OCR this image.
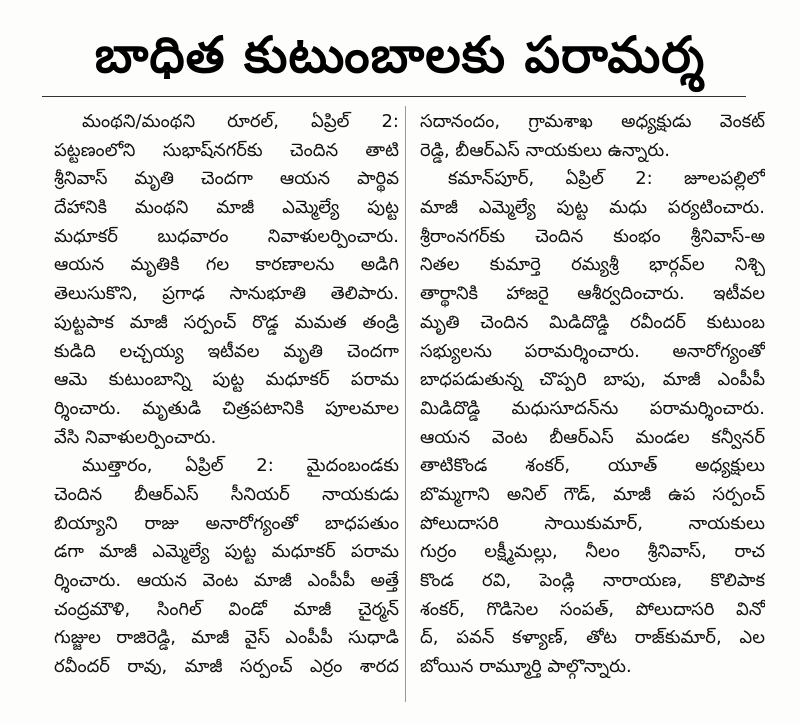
బాధిత కుటుంబాలకు పరామర్శ
మంథని/మంథని రూరల్, ఏప్రిల్ 2:
పట్టణంలోని సుభాష్‌నగర్‌కు చెందిన తాటి
శ్రీనివాస్ మృతి చెందగా ఆయన పార్థివ
దేహానికి మంథని మాజీ ఎమ్మెల్యే పుట్ట
మధూకర్ బుధవారం నివాళులర్పించారు.
ఆయన మృతికి గల కారణాలను అడిగి
తెలుసుకొని, ప్రగాఢ సానుభూతి తెలిపారు.
పుట్టపాక మాజీ సర్పంచ్ రొడ్డ మమత తండ్రి
కుడిది లచ్చయ్య ఇటీవల మృతి చెందగా
ఆమె కుటుంబాన్ని పుట్ట మధూకర్ పరామ
ర్శించారు. మృతుడి చిత్రపటానికి పూలమాల
వేసి నివాళులర్పించారు.
ముత్తారం, ఏప్రిల్ 2: మైదంబండకు
చెందిన బీఆర్ఎస్ సీనియర్ నాయకుడు
బియ్యాని రాజు అనారోగ్యంతో బాధపతుం
డగా మాజీ ఎమ్మెల్యే పుట్ట మధూకర్ పరామ
ర్శించారు. ఆయన వెంట మాజీ ఎంపీపీ అత్తే
చంద్రమౌళి, సింగిల్ విండో మాజీ చైర్మన్
గుజ్జుల రాజిరెడ్డి, మాజీ వైస్ ఎంపీపీ సుధాడి
రవీందర్ రావు, మాజీ సర్పంచ్ ఎర్రం శారద
సదానందం, గ్రామశాఖ అధ్యక్షుడు వెంకట్
రెడ్డి, బీఆర్ఎస్ నాయకులు ఉన్నారు.
కమాన్‌పూర్, ఏప్రిల్ 2: జూలపల్లిలో
మాజీ ఎమ్మెల్యే పుట్ట మధు పర్యటించారు.
శ్రీరాంనగర్‌కు చెందిన కుంభం శ్రీనివాస్-అ
నితల కుమార్తె రమ్యశ్రీ భార్గవ్‌ల నిశ్చి
తార్థానికి హాజరై ఆశీర్వదించారు. ఇటీవల
మృతి చెందిన మిడిదొడ్డి రవీందర్ కుటుంబ
సభ్యులను పరామర్శించారు. అనారోగ్యంతో
బాధపడుతున్న చొప్పరి బాపు, మాజీ ఎంపీపీ
మిడిదొడ్డి మధుసూదన్‌ను పరామర్శించారు.
ఆయన వెంట బీఆర్ఎస్ మండల కన్వీనర్
తాటికొండ శంకర్, యూత్ అధ్యక్షులు
బొమ్మగాని అనిల్ గౌడ్, మాజీ ఉప సర్పంచ్
పోలుదాసరి సాయికుమార్, నాయకులు
గుర్రం లక్ష్మీమల్లు, నీలం శ్రీనివాస్, రాచ
కొండ రవి, పెండ్లి నారాయణ, కొలిపాక
శంకర్, గొడిసెల సంపత్, పోలుదాసరి వినో
ద్, పవన్ కళ్యాణ్, తోట రాజ్‌కుమార్, ఎల
బోయిన రామ్మూర్తి పాల్గొన్నారు.
